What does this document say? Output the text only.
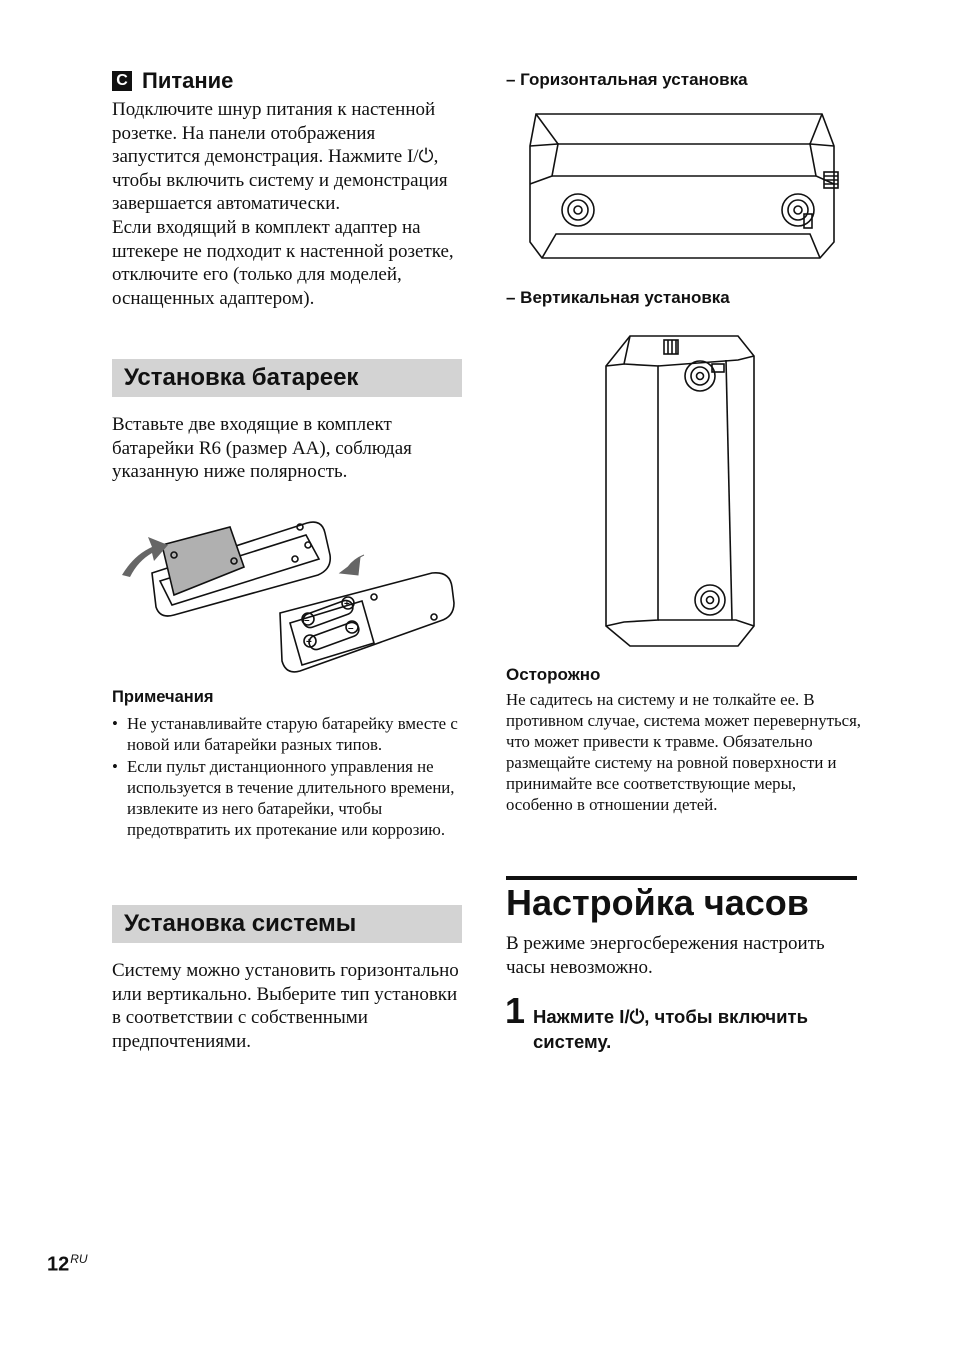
C Питание

Подключите шнур питания к настенной розетке. На панели отображения запустится демонстрация. Нажмите I/⏻, чтобы включить систему и демонстрация завершается автоматически.

Если входящий в комплект адаптер на штекере не подходит к настенной розетке, отключите его (только для моделей, оснащенных адаптером).

Установка батареек

Вставьте две входящие в комплект батарейки R6 (размер AA), соблюдая указанную ниже полярность.

–
+
+
–
Примечания
• Не устанавливайте старую батарейку вместе с новой или батарейки разных типов.
• Если пульт дистанционного управления не используется в течение длительного времени, извлеките из него батарейки, чтобы предотвратить их протекание или коррозию.
Установка системы

Систему можно установить горизонтально или вертикально. Выберите тип установки в соответствии с собственными предпочтениями.

– Горизонтальная установка
– Вертикальная установка
Осторожно

Не садитесь на систему и не толкайте ее. В противном случае, система может перевернуться, что может привести к травме. Обязательно размещайте систему на ровной поверхности и принимайте все соответствующие меры, особенно в отношении детей.

Настройка часов

В режиме энергосбережения настроить часы невозможно.

1 Нажмите I/⏻, чтобы включить систему.
$12^{RU}$
